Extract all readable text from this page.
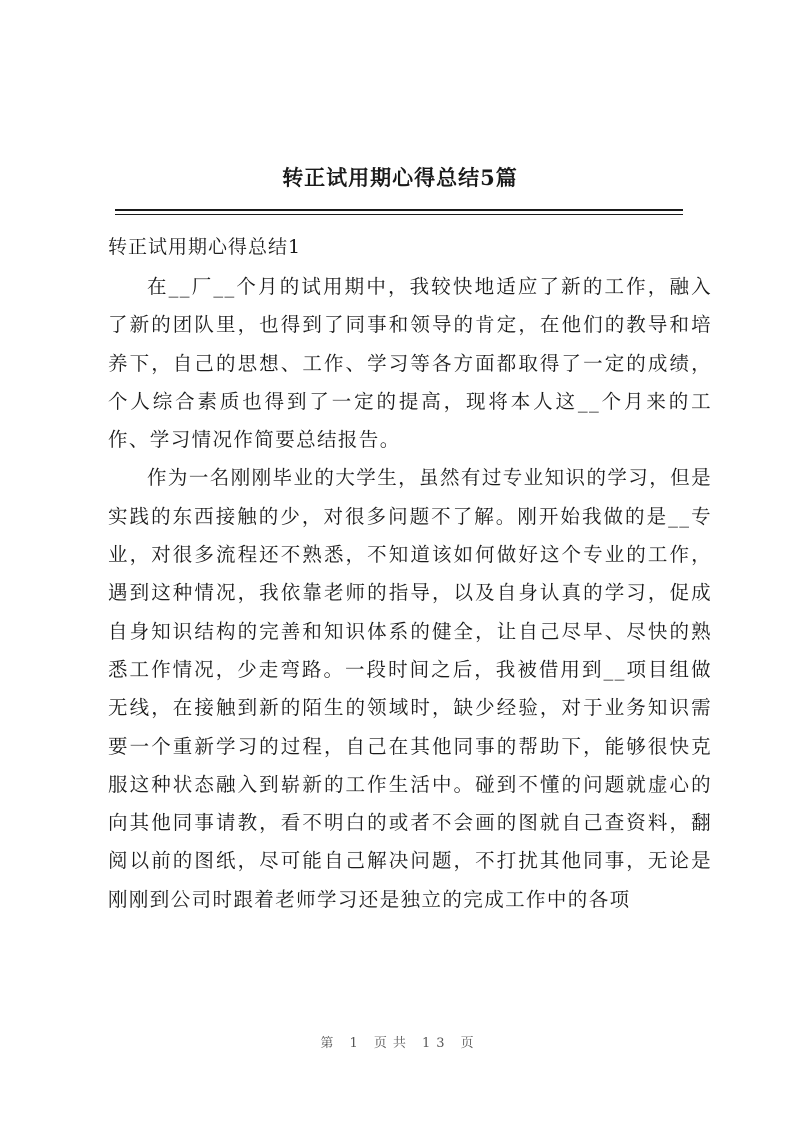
转正试用期心得总结5篇
转正试用期心得总结1

在__厂__个月的试用期中，我较快地适应了新的工作，融入了新的团队里，也得到了同事和领导的肯定，在他们的教导和培养下，自己的思想、工作、学习等各方面都取得了一定的成绩，个人综合素质也得到了一定的提高，现将本人这__个月来的工作、学习情况作简要总结报告。

作为一名刚刚毕业的大学生，虽然有过专业知识的学习，但是实践的东西接触的少，对很多问题不了解。刚开始我做的是__专业，对很多流程还不熟悉，不知道该如何做好这个专业的工作，遇到这种情况，我依靠老师的指导，以及自身认真的学习，促成自身知识结构的完善和知识体系的健全，让自己尽早、尽快的熟悉工作情况，少走弯路。一段时间之后，我被借用到__项目组做无线，在接触到新的陌生的领域时，缺少经验，对于业务知识需要一个重新学习的过程，自己在其他同事的帮助下，能够很快克服这种状态融入到崭新的工作生活中。碰到不懂的问题就虚心的向其他同事请教，看不明白的或者不会画的图就自己查资料，翻阅以前的图纸，尽可能自己解决问题，不打扰其他同事，无论是刚刚到公司时跟着老师学习还是独立的完成工作中的各项

第 1 页共 13 页
